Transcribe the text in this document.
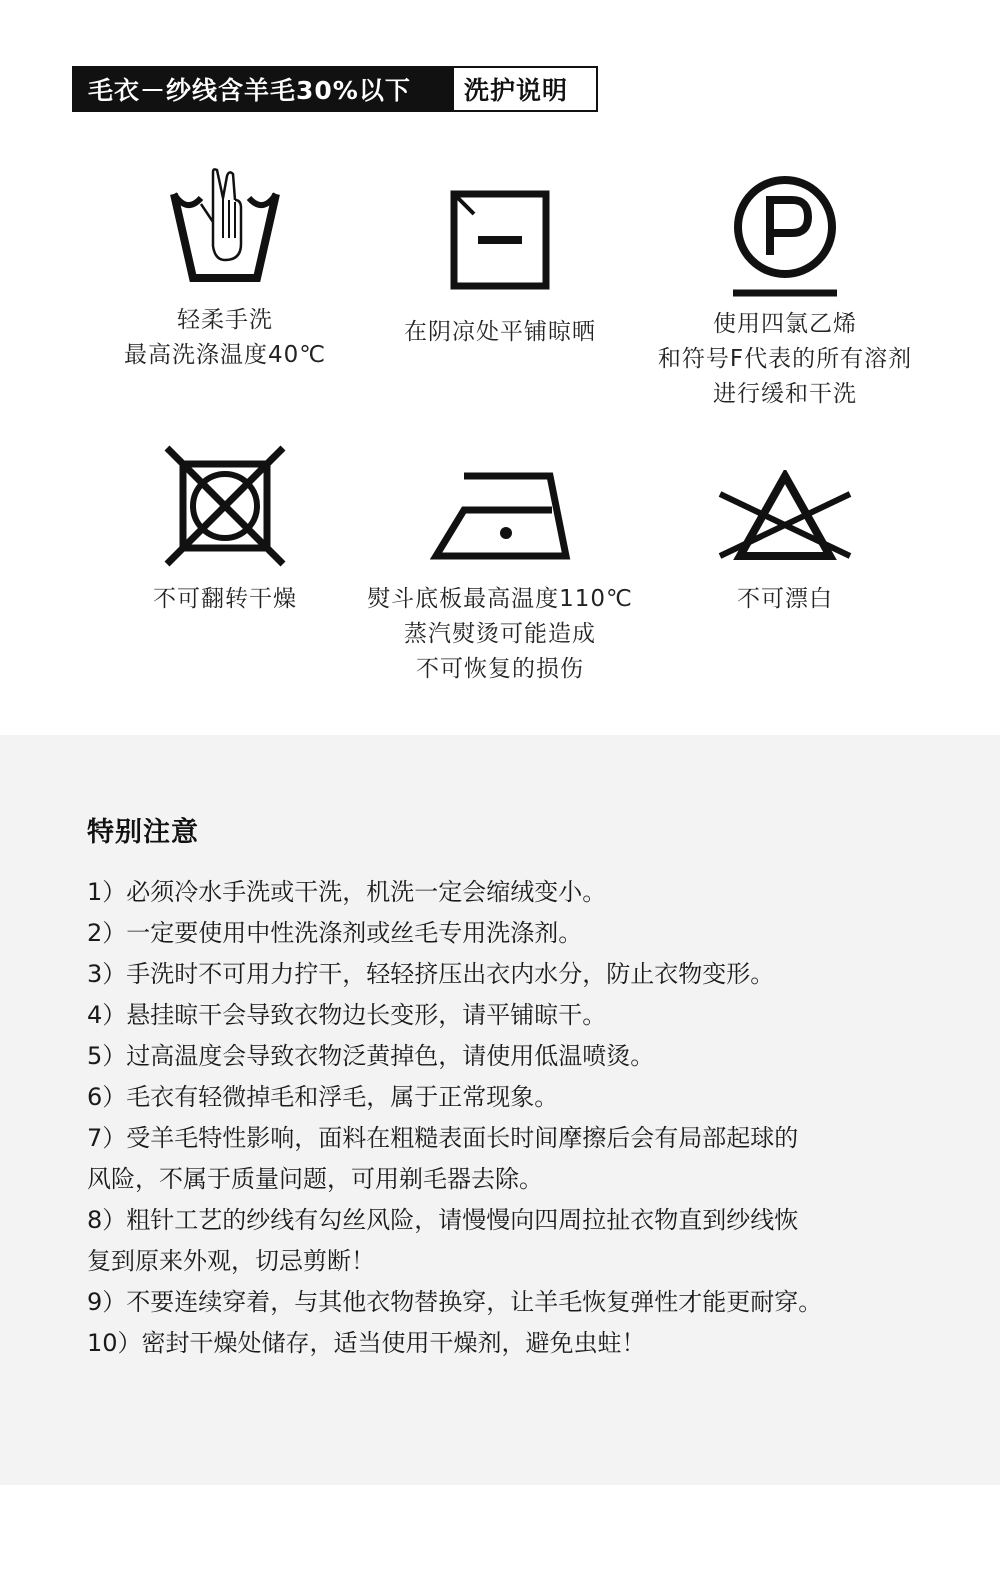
毛衣－纱线含羊毛30%以下	洗护说明
轻柔手洗
最高洗涤温度40℃
在阴凉处平铺晾晒	使用四氯乙烯
和符号F代表的所有溶剂
进行缓和干洗
不可翻转干燥	熨斗底板最高温度110℃
蒸汽熨烫可能造成
不可恢复的损伤
不可漂白
特别注意
1）必须冷水手洗或干洗，机洗一定会缩绒变小。
2）一定要使用中性洗涤剂或丝毛专用洗涤剂。
3）手洗时不可用力拧干，轻轻挤压出衣内水分，防止衣物变形。
4）悬挂晾干会导致衣物边长变形，请平铺晾干。
5）过高温度会导致衣物泛黄掉色，请使用低温喷烫。
6）毛衣有轻微掉毛和浮毛，属于正常现象。
7）受羊毛特性影响，面料在粗糙表面长时间摩擦后会有局部起球的
风险，不属于质量问题，可用剃毛器去除。
8）粗针工艺的纱线有勾丝风险，请慢慢向四周拉扯衣物直到纱线恢
复到原来外观，切忌剪断！
9）不要连续穿着，与其他衣物替换穿，让羊毛恢复弹性才能更耐穿。
10）密封干燥处储存，适当使用干燥剂，避免虫蛀！
